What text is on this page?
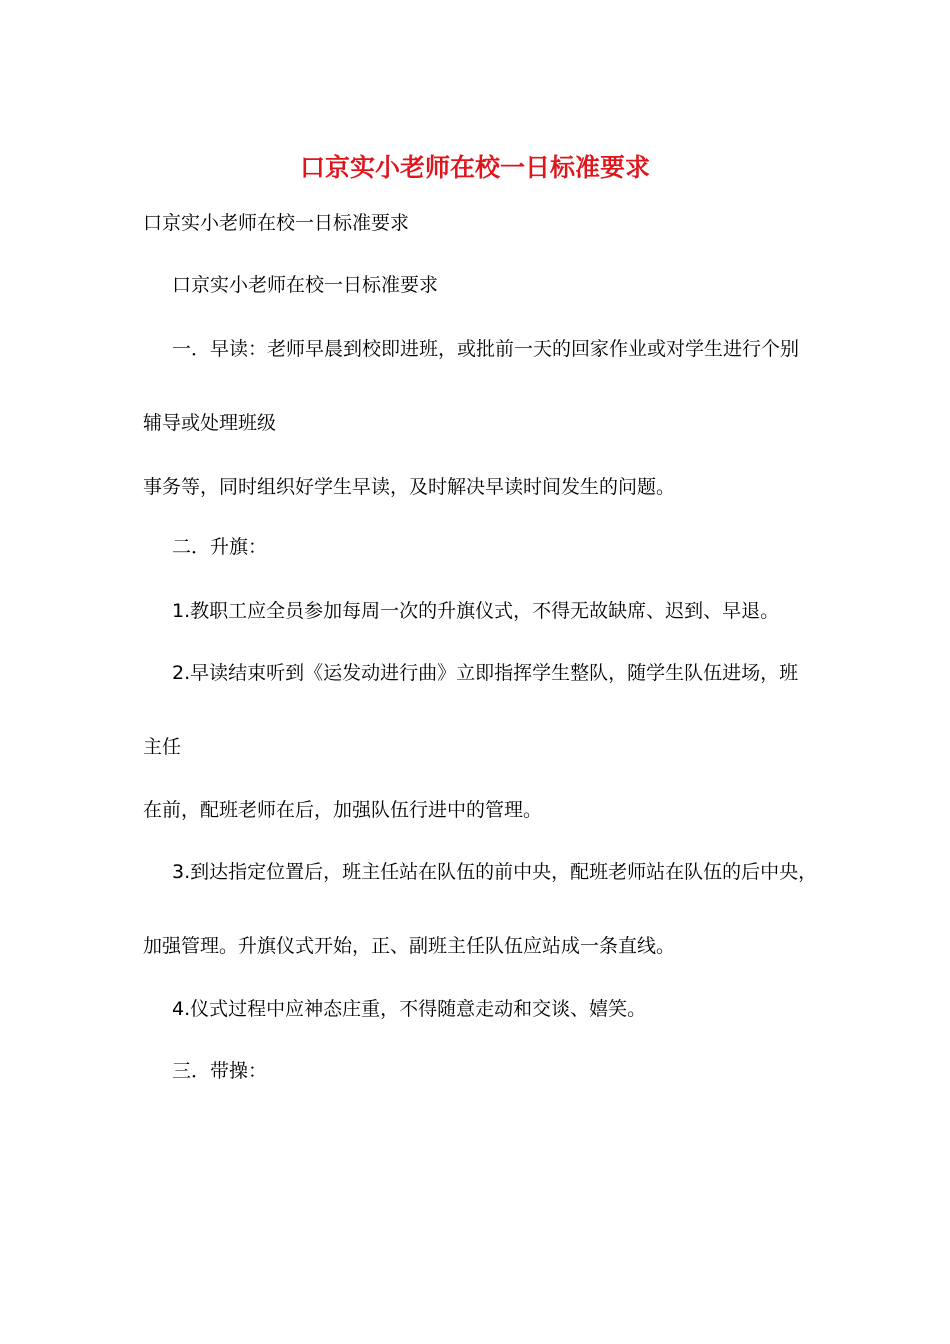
口京实小老师在校一日标准要求
口京实小老师在校一日标准要求
口京实小老师在校一日标准要求
一．早读：老师早晨到校即进班，或批前一天的回家作业或对学生进行个别
辅导或处理班级
事务等，同时组织好学生早读，及时解决早读时间发生的问题。
二．升旗：
1.教职工应全员参加每周一次的升旗仪式，不得无故缺席、迟到、早退。
2.早读结束听到《运发动进行曲》立即指挥学生整队，随学生队伍进场，班
主任
在前，配班老师在后，加强队伍行进中的管理。
3.到达指定位置后，班主任站在队伍的前中央，配班老师站在队伍的后中央，
加强管理。升旗仪式开始，正、副班主任队伍应站成一条直线。
4.仪式过程中应神态庄重，不得随意走动和交谈、嬉笑。
三．带操：
